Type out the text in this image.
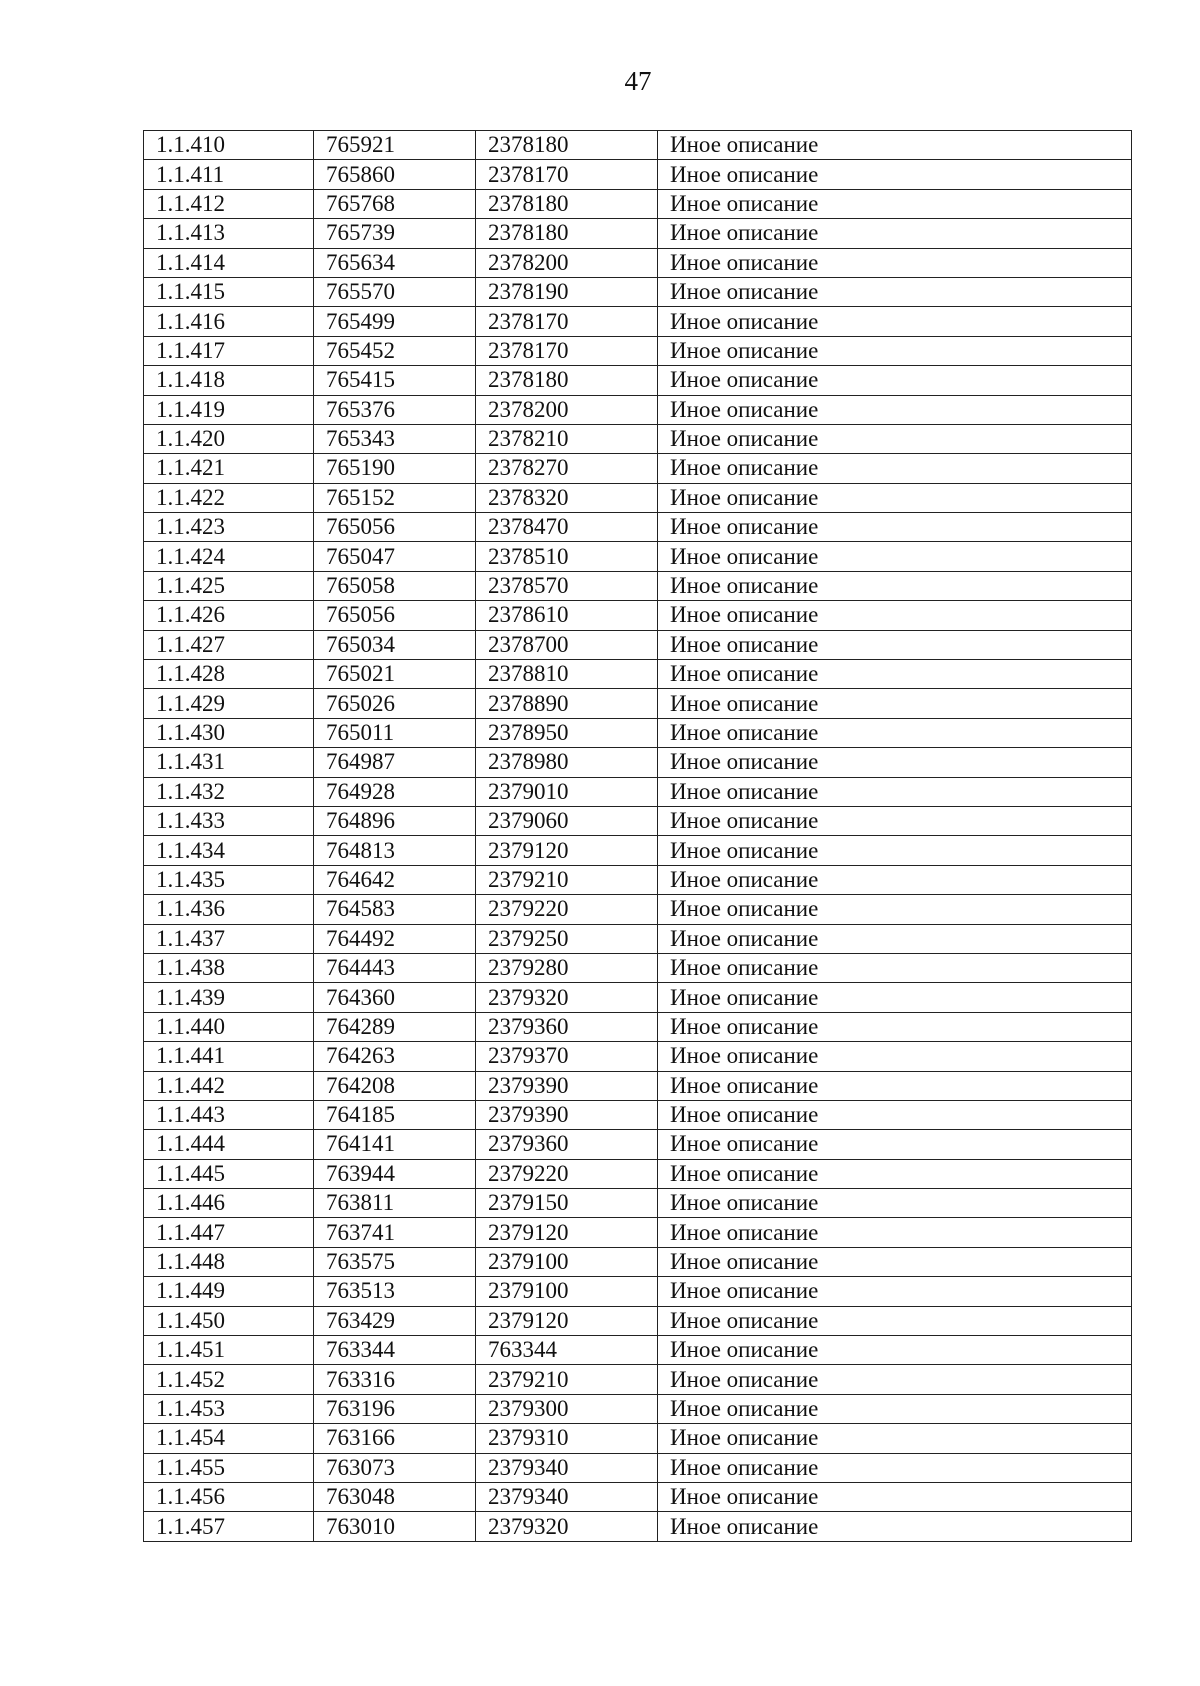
47
1.1.410	765921	2378180	Иное описание
1.1.411	765860	2378170	Иное описание
1.1.412	765768	2378180	Иное описание
1.1.413	765739	2378180	Иное описание
1.1.414	765634	2378200	Иное описание
1.1.415	765570	2378190	Иное описание
1.1.416	765499	2378170	Иное описание
1.1.417	765452	2378170	Иное описание
1.1.418	765415	2378180	Иное описание
1.1.419	765376	2378200	Иное описание
1.1.420	765343	2378210	Иное описание
1.1.421	765190	2378270	Иное описание
1.1.422	765152	2378320	Иное описание
1.1.423	765056	2378470	Иное описание
1.1.424	765047	2378510	Иное описание
1.1.425	765058	2378570	Иное описание
1.1.426	765056	2378610	Иное описание
1.1.427	765034	2378700	Иное описание
1.1.428	765021	2378810	Иное описание
1.1.429	765026	2378890	Иное описание
1.1.430	765011	2378950	Иное описание
1.1.431	764987	2378980	Иное описание
1.1.432	764928	2379010	Иное описание
1.1.433	764896	2379060	Иное описание
1.1.434	764813	2379120	Иное описание
1.1.435	764642	2379210	Иное описание
1.1.436	764583	2379220	Иное описание
1.1.437	764492	2379250	Иное описание
1.1.438	764443	2379280	Иное описание
1.1.439	764360	2379320	Иное описание
1.1.440	764289	2379360	Иное описание
1.1.441	764263	2379370	Иное описание
1.1.442	764208	2379390	Иное описание
1.1.443	764185	2379390	Иное описание
1.1.444	764141	2379360	Иное описание
1.1.445	763944	2379220	Иное описание
1.1.446	763811	2379150	Иное описание
1.1.447	763741	2379120	Иное описание
1.1.448	763575	2379100	Иное описание
1.1.449	763513	2379100	Иное описание
1.1.450	763429	2379120	Иное описание
1.1.451	763344	763344	Иное описание
1.1.452	763316	2379210	Иное описание
1.1.453	763196	2379300	Иное описание
1.1.454	763166	2379310	Иное описание
1.1.455	763073	2379340	Иное описание
1.1.456	763048	2379340	Иное описание
1.1.457	763010	2379320	Иное описание
